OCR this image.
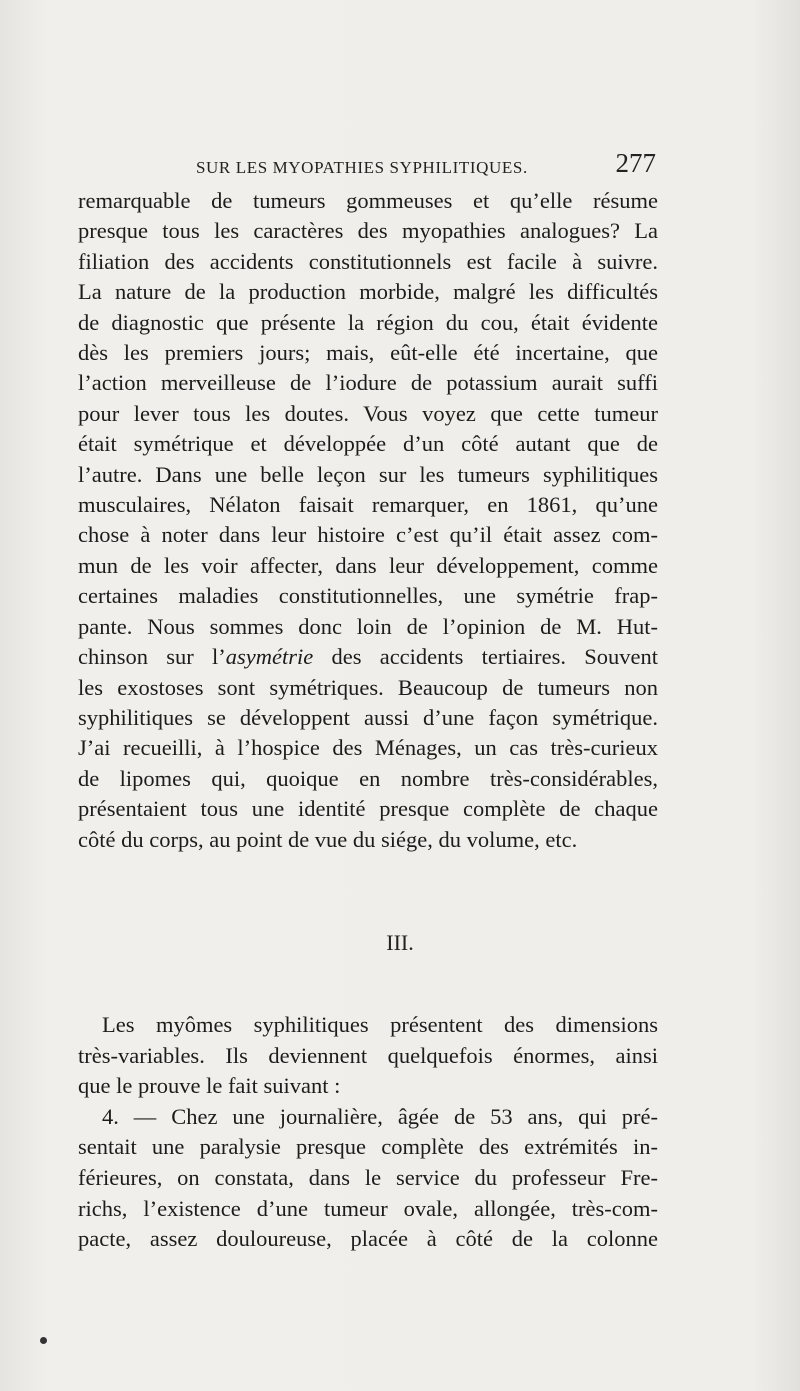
SUR LES MYOPATHIES SYPHILITIQUES.	277
remarquable de tumeurs gommeuses et qu’elle résume
presque tous les caractères des myopathies analogues? La
filiation des accidents constitutionnels est facile à suivre.
La nature de la production morbide, malgré les difficultés
de diagnostic que présente la région du cou, était évidente
dès les premiers jours; mais, eût-elle été incertaine, que
l’action merveilleuse de l’iodure de potassium aurait suffi
pour lever tous les doutes. Vous voyez que cette tumeur
était symétrique et développée d’un côté autant que de
l’autre. Dans une belle leçon sur les tumeurs syphilitiques
musculaires, Nélaton faisait remarquer, en 1861, qu’une
chose à noter dans leur histoire c’est qu’il était assez com-
mun de les voir affecter, dans leur développement, comme
certaines maladies constitutionnelles, une symétrie frap-
pante. Nous sommes donc loin de l’opinion de M. Hut-
chinson sur l’asymétrie des accidents tertiaires. Souvent
les exostoses sont symétriques. Beaucoup de tumeurs non
syphilitiques se développent aussi d’une façon symétrique.
J’ai recueilli, à l’hospice des Ménages, un cas très-curieux
de lipomes qui, quoique en nombre très-considérables,
présentaient tous une identité presque complète de chaque
côté du corps, au point de vue du siége, du volume, etc.
III.
Les myômes syphilitiques présentent des dimensions
très-variables. Ils deviennent quelquefois énormes, ainsi
que le prouve le fait suivant :
4. — Chez une journalière, âgée de 53 ans, qui pré-
sentait une paralysie presque complète des extrémités in-
férieures, on constata, dans le service du professeur Fre-
richs, l’existence d’une tumeur ovale, allongée, très-com-
pacte, assez douloureuse, placée à côté de la colonne
